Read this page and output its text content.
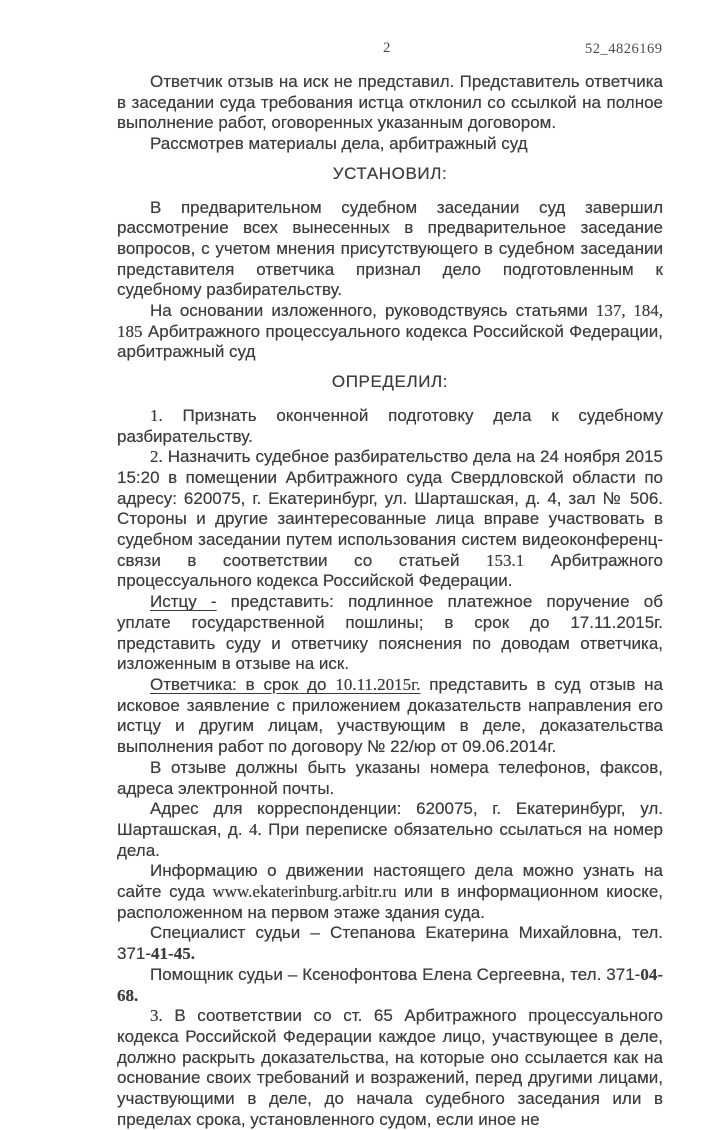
2	52_4826169

Ответчик отзыв на иск не представил. Представитель ответчика в заседании суда требования истца отклонил со ссылкой на полное выполнение работ, оговоренных указанным договором.

Рассмотрев материалы дела, арбитражный суд

УСТАНОВИЛ:

В предварительном судебном заседании суд завершил рассмотрение всех вынесенных в предварительное заседание вопросов, с учетом мнения присутствующего в судебном заседании представителя ответчика признал дело подготовленным к судебному разбирательству.

На основании изложенного, руководствуясь статьями 137, 184, 185 Арбитражного процессуального кодекса Российской Федерации, арбитражный суд

ОПРЕДЕЛИЛ:

1. Признать оконченной подготовку дела к судебному разбирательству.

2. Назначить судебное разбирательство дела на 24 ноября 2015 15:20 в помещении Арбитражного суда Свердловской области по адресу: 620075, г. Екатеринбург, ул. Шарташская, д. 4, зал № 506. Стороны и другие заинтересованные лица вправе участвовать в судебном заседании путем использования систем видеоконференц-связи в соответствии со статьей 153.1 Арбитражного процессуального кодекса Российской Федерации.

Истцу - представить: подлинное платежное поручение об уплате государственной пошлины; в срок до 17.11.2015г. представить суду и ответчику пояснения по доводам ответчика, изложенным в отзыве на иск.

Ответчика: в срок до 10.11.2015г. представить в суд отзыв на исковое заявление с приложением доказательств направления его истцу и другим лицам, участвующим в деле, доказательства выполнения работ по договору № 22/юр от 09.06.2014г.

В отзыве должны быть указаны номера телефонов, факсов, адреса электронной почты.

Адрес для корреспонденции: 620075, г. Екатеринбург, ул. Шарташская, д. 4. При переписке обязательно ссылаться на номер дела.

Информацию о движении настоящего дела можно узнать на сайте суда www.ekaterinburg.arbitr.ru или в информационном киоске, расположенном на первом этаже здания суда.

Специалист судьи – Степанова Екатерина Михайловна, тел. 371-41-45.

Помощник судьи – Ксенофонтова Елена Сергеевна, тел. 371-04-68.

3. В соответствии со ст. 65 Арбитражного процессуального кодекса Российской Федерации каждое лицо, участвующее в деле, должно раскрыть доказательства, на которые оно ссылается как на основание своих требований и возражений, перед другими лицами, участвующими в деле, до начала судебного заседания или в пределах срока, установленного судом, если иное не
